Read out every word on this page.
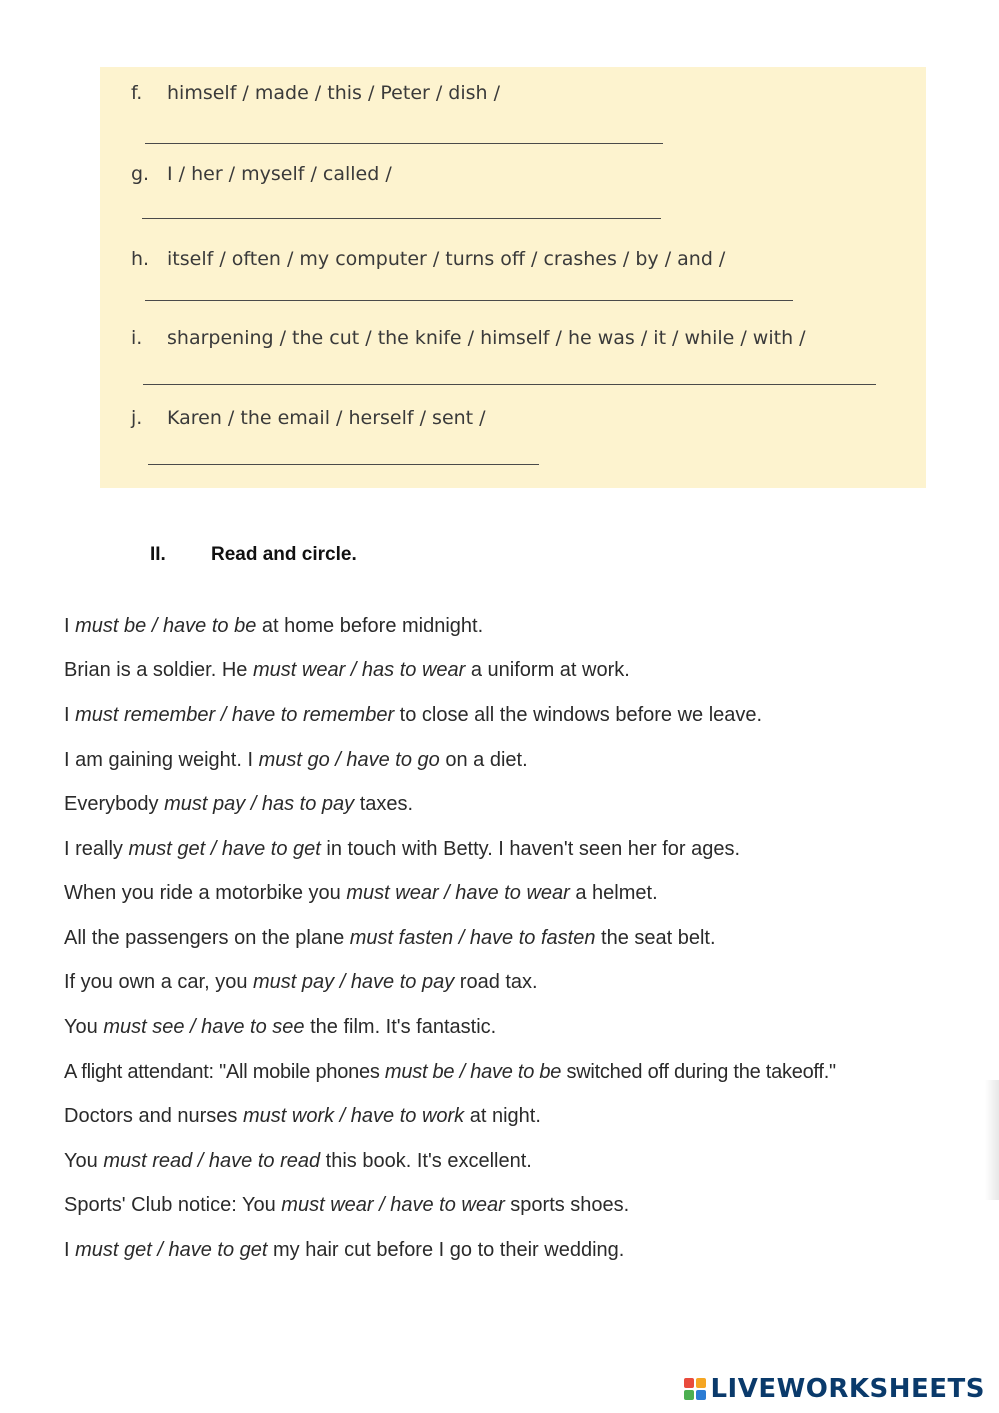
f. himself / made / this / Peter / dish /
g. I / her / myself / called /
h. itself / often / my computer / turns off / crashes / by / and /
i. sharpening / the cut / the knife / himself / he was / it / while / with /
j. Karen / the email / herself / sent /
II. Read and circle.
I must be / have to be at home before midnight.
Brian is a soldier. He must wear / has to wear a uniform at work.
I must remember / have to remember to close all the windows before we leave.
I am gaining weight. I must go / have to go on a diet.
Everybody must pay / has to pay taxes.
I really must get / have to get in touch with Betty. I haven't seen her for ages.
When you ride a motorbike you must wear / have to wear a helmet.
All the passengers on the plane must fasten / have to fasten the seat belt.
If you own a car, you must pay / have to pay road tax.
You must see / have to see the film. It's fantastic.
A flight attendant: "All mobile phones must be / have to be switched off during the takeoff."
Doctors and nurses must work / have to work at night.
You must read / have to read this book. It's excellent.
Sports' Club notice: You must wear / have to wear sports shoes.
I must get / have to get my hair cut before I go to their wedding.
LIVEWORKSHEETS
